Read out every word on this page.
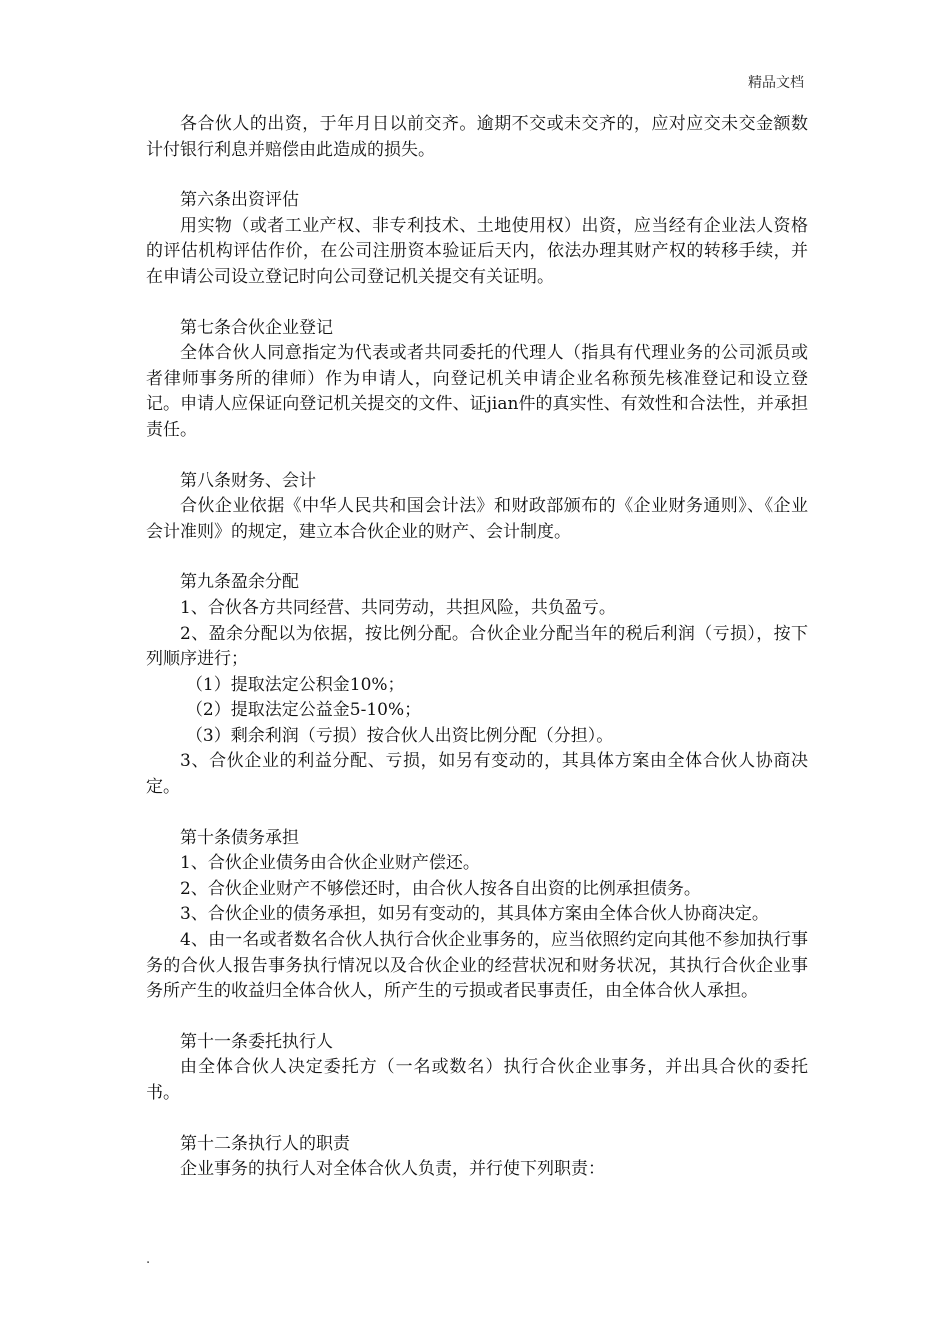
精品文档

各合伙人的出资，于年月日以前交齐。逾期不交或未交齐的，应对应交未交金额数计付银行利息并赔偿由此造成的损失。

第六条出资评估

用实物（或者工业产权、非专利技术、土地使用权）出资，应当经有企业法人资格的评估机构评估作价，在公司注册资本验证后天内，依法办理其财产权的转移手续，并在申请公司设立登记时向公司登记机关提交有关证明。

第七条合伙企业登记

全体合伙人同意指定为代表或者共同委托的代理人（指具有代理业务的公司派员或者律师事务所的律师）作为申请人，向登记机关申请企业名称预先核准登记和设立登记。申请人应保证向登记机关提交的文件、证jian件的真实性、有效性和合法性，并承担责任。

第八条财务、会计

合伙企业依据《中华人民共和国会计法》和财政部颁布的《企业财务通则》、《企业会计准则》的规定，建立本合伙企业的财产、会计制度。

第九条盈余分配

1、合伙各方共同经营、共同劳动，共担风险，共负盈亏。

2、盈余分配以为依据，按比例分配。合伙企业分配当年的税后利润（亏损），按下列顺序进行；

（1）提取法定公积金10%；

（2）提取法定公益金5-10%；

（3）剩余利润（亏损）按合伙人出资比例分配（分担）。

3、合伙企业的利益分配、亏损，如另有变动的，其具体方案由全体合伙人协商决定。

第十条债务承担

1、合伙企业债务由合伙企业财产偿还。

2、合伙企业财产不够偿还时，由合伙人按各自出资的比例承担债务。

3、合伙企业的债务承担，如另有变动的，其具体方案由全体合伙人协商决定。

4、由一名或者数名合伙人执行合伙企业事务的，应当依照约定向其他不参加执行事务的合伙人报告事务执行情况以及合伙企业的经营状况和财务状况，其执行合伙企业事务所产生的收益归全体合伙人，所产生的亏损或者民事责任，由全体合伙人承担。

第十一条委托执行人

由全体合伙人决定委托方（一名或数名）执行合伙企业事务，并出具合伙的委托书。

第十二条执行人的职责

企业事务的执行人对全体合伙人负责，并行使下列职责：

.
